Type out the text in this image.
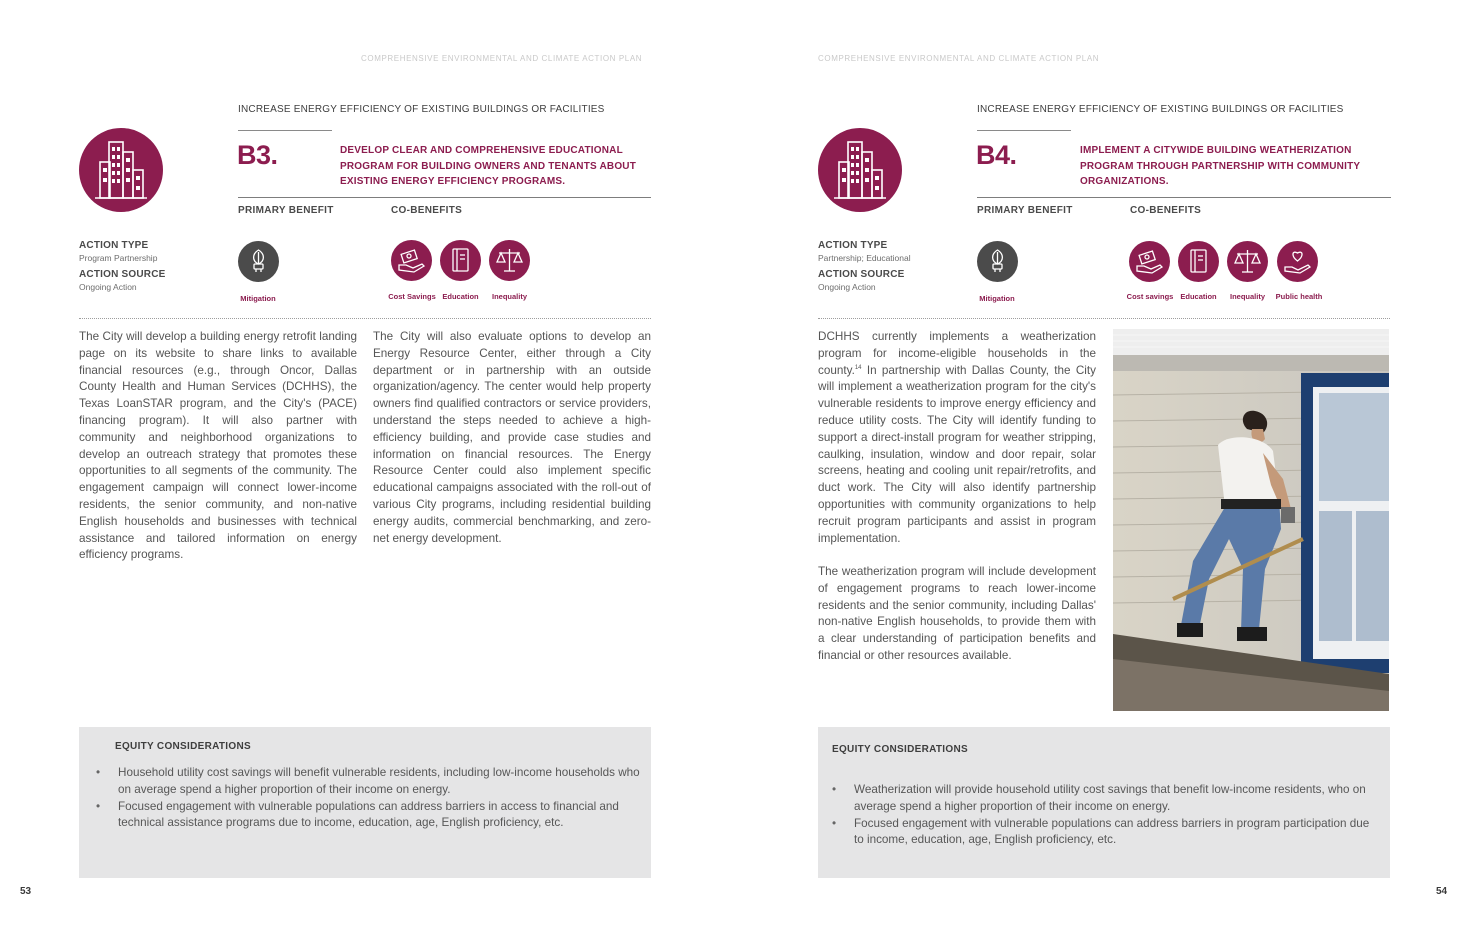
COMPREHENSIVE ENVIRONMENTAL AND CLIMATE ACTION PLAN
INCREASE ENERGY EFFICIENCY OF EXISTING BUILDINGS OR FACILITIES
B3.	DEVELOP CLEAR AND COMPREHENSIVE EDUCATIONAL PROGRAM FOR BUILDING OWNERS AND TENANTS ABOUT EXISTING ENERGY EFFICIENCY PROGRAMS.
PRIMARY BENEFIT	CO-BENEFITS
ACTION TYPE
Program Partnership
ACTION SOURCE
Ongoing Action
Mitigation	Cost Savings Education	Inequality

The City will develop a building energy retrofit landing page on its website to share links to available financial resources (e.g., through Oncor, Dallas County Health and Human Services (DCHHS), the Texas LoanSTAR program, and the City's (PACE) financing program). It will also partner with community and neighborhood organizations to develop an outreach strategy that promotes these opportunities to all segments of the community. The engagement campaign will connect lower-income residents, the senior community, and non-native English households and businesses with technical assistance and tailored information on energy efficiency programs.

The City will also evaluate options to develop an Energy Resource Center, either through a City department or in partnership with an outside organization/agency. The center would help property owners find qualified contractors or service providers, understand the steps needed to achieve a high-efficiency building, and provide case studies and information on financial resources. The Energy Resource Center could also implement specific educational campaigns associated with the roll-out of various City programs, including residential building energy audits, commercial benchmarking, and zero-net energy development.

EQUITY CONSIDERATIONS
• Household utility cost savings will benefit vulnerable residents, including low-income households who on average spend a higher proportion of their income on energy.
• Focused engagement with vulnerable populations can address barriers in access to financial and technical assistance programs due to income, education, age, English proficiency, etc.
53
COMPREHENSIVE ENVIRONMENTAL AND CLIMATE ACTION PLAN
INCREASE ENERGY EFFICIENCY OF EXISTING BUILDINGS OR FACILITIES
B4.	IMPLEMENT A CITYWIDE BUILDING WEATHERIZATION PROGRAM THROUGH PARTNERSHIP WITH COMMUNITY ORGANIZATIONS.
PRIMARY BENEFIT	CO-BENEFITS
ACTION TYPE
Partnership; Educational
ACTION SOURCE
Ongoing Action
Mitigation	Cost savings Education	Inequality	Public health

DCHHS currently implements a weatherization program for income-eligible households in the county.$^{14}$ In partnership with Dallas County, the City will implement a weatherization program for the city's vulnerable residents to improve energy efficiency and reduce utility costs. The City will identify funding to support a direct-install program for weather stripping, caulking, insulation, window and door repair, solar screens, heating and cooling unit repair/retrofits, and duct work. The City will also identify partnership opportunities with community organizations to help recruit program participants and assist in program implementation.

The weatherization program will include development of engagement programs to reach lower-income residents and the senior community, including Dallas' non-native English households, to provide them with a clear understanding of participation benefits and financial or other resources available.

EQUITY CONSIDERATIONS
• Weatherization will provide household utility cost savings that benefit low-income residents, who on average spend a higher proportion of their income on energy.
• Focused engagement with vulnerable populations can address barriers in program participation due to income, education, age, English proficiency, etc.
54
